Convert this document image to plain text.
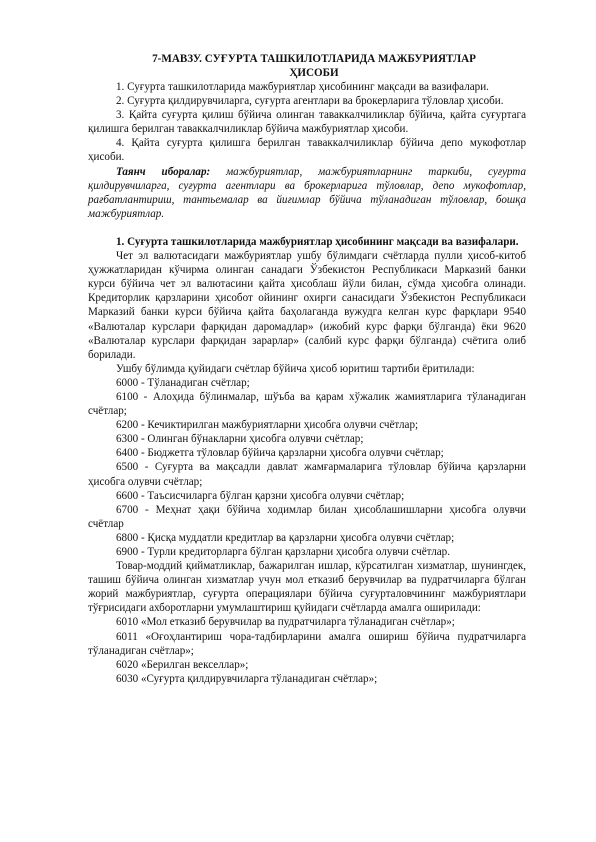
7-МАВЗУ. СУҒУРТА ТАШКИЛОТЛАРИДА МАЖБУРИЯТЛАР
ҲИСОБИ

1. Суғурта ташкилотларида мажбуриятлар ҳисобининг мақсади ва вазифалари.

2. Суғурта қилдирувчиларга, суғурта агентлари ва брокерларига тўловлар ҳисоби.

3. Қайта суғурта қилиш бўйича олинган таваккалчиликлар бўйича, қайта суғуртага қилишга берилган таваккалчиликлар бўйича мажбуриятлар ҳисоби.

4. Қайта суғурта қилишга берилган таваккалчиликлар бўйича депо мукофотлар ҳисоби.

Таянч иборалар: мажбуриятлар, мажбуриятларнинг таркиби, суғурта қилдирувчиларга, суғурта агентлари ва брокерларига тўловлар, депо мукофотлар, рағбатлантириш, тантьемалар ва йиғимлар бўйича тўланадиган тўловлар, бошқа мажбуриятлар.

1. Суғурта ташкилотларида мажбуриятлар ҳисобининг мақсади ва вазифалари.

Чет эл валютасидаги мажбуриятлар ушбу бўлимдаги счётларда пулли ҳисоб-китоб ҳужжатларидан кўчирма олинган санадаги Ўзбекистон Республикаси Марказий банки курси бўйича чет эл валютасини қайта ҳисоблаш йўли билан, сўмда ҳисобга олинади. Кредиторлик қарзларини ҳисобот ойининг охирги санасидаги Ўзбекистон Республикаси Марказий банки курси бўйича қайта баҳолаганда вужудга келган курс фарқлари 9540 «Валюталар курслари фарқидан даромадлар» (ижобий курс фарқи бўлганда) ёки 9620 «Валюталар курслари фарқидан зарарлар» (салбий курс фарқи бўлганда) счётига олиб борилади.

Ушбу бўлимда қуйидаги счётлар бўйича ҳисоб юритиш тартиби ёритилади:

6000 - Тўланадиган счётлар;

6100 - Алоҳида бўлинмалар, шўъба ва қарам хўжалик жамиятларига тўланадиган счётлар;

6200 - Кечиктирилган мажбуриятларни ҳисобга олувчи счётлар;

6300 - Олинган бўнакларни ҳисобга олувчи счётлар;

6400 - Бюджетга тўловлар бўйича қарзларни ҳисобга олувчи счётлар;

6500 - Суғурта ва мақсадли давлат жамғармаларига тўловлар бўйича қарзларни ҳисобга олувчи счётлар;

6600 - Таъсисчиларга бўлган қарзни ҳисобга олувчи счётлар;

6700 - Меҳнат ҳақи бўйича ходимлар билан ҳисоблашишларни ҳисобга олувчи счётлар

6800 - Қисқа муддатли кредитлар ва қарзларни ҳисобга олувчи счётлар;

6900 - Турли кредиторларга бўлган қарзларни ҳисобга олувчи счётлар.

Товар-моддий қийматликлар, бажарилган ишлар, кўрсатилган хизматлар, шунингдек, ташиш бўйича олинган хизматлар учун мол етказиб берувчилар ва пудратчиларга бўлган жорий мажбуриятлар, суғурта операциялари бўйича суғурталовчининг мажбуриятлари тўғрисидаги ахборотларни умумлаштириш қуйидаги счётларда амалга оширилади:

6010 «Мол етказиб берувчилар ва пудратчиларга тўланадиган счётлар»;

6011 «Оғоҳлантириш чора-тадбирларини амалга ошириш бўйича пудратчиларга тўланадиган счётлар»;

6020 «Берилган векселлар»;

6030 «Суғурта қилдирувчиларга тўланадиган счётлар»;
